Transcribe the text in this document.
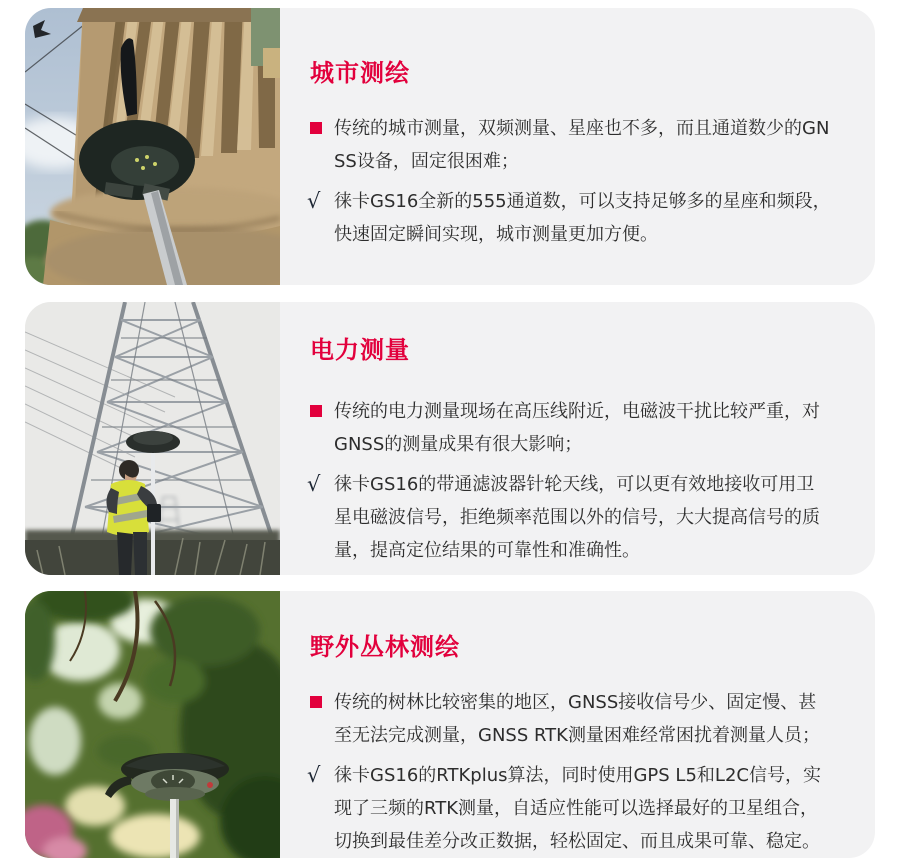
城市测绘

传统的城市测量，双频测量、星座也不多，而且通道数少的GNSS设备，固定很困难；

√ 徕卡GS16全新的555通道数，可以支持足够多的星座和频段，快速固定瞬间实现，城市测量更加方便。

电力测量

传统的电力测量现场在高压线附近，电磁波干扰比较严重，对GNSS的测量成果有很大影响；

√ 徕卡GS16的带通滤波器针轮天线，可以更有效地接收可用卫星电磁波信号，拒绝频率范围以外的信号，大大提高信号的质量，提高定位结果的可靠性和准确性。

野外丛林测绘

传统的树林比较密集的地区，GNSS接收信号少、固定慢、甚至无法完成测量，GNSS RTK测量困难经常困扰着测量人员；

√ 徕卡GS16的RTKplus算法，同时使用GPS L5和L2C信号，实现了三频的RTK测量，自适应性能可以选择最好的卫星组合，切换到最佳差分改正数据，轻松固定、而且成果可靠、稳定。
